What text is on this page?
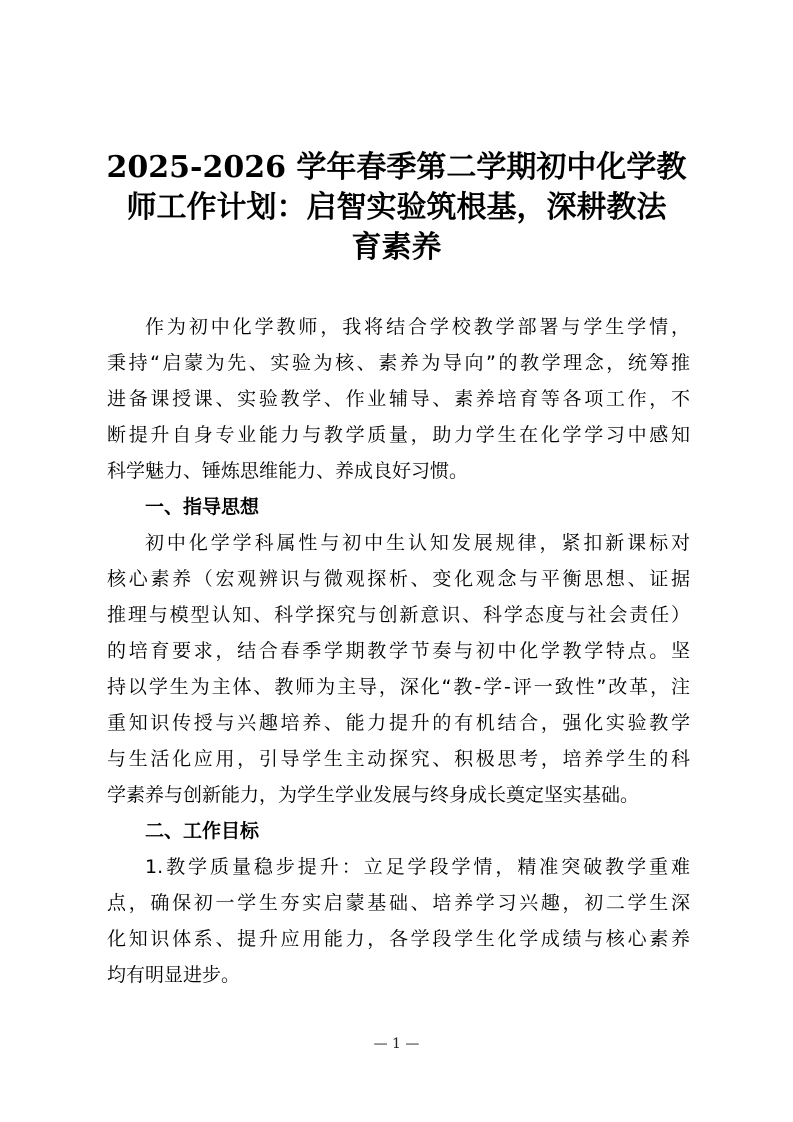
2025-2026 学年春季第二学期初中化学教
师工作计划：启智实验筑根基，深耕教法
育素养
作为初中化学教师，我将结合学校教学部署与学生学情，
秉持“启蒙为先、实验为核、素养为导向”的教学理念，统筹推
进备课授课、实验教学、作业辅导、素养培育等各项工作，不
断提升自身专业能力与教学质量，助力学生在化学学习中感知
科学魅力、锤炼思维能力、养成良好习惯。
一、指导思想
初中化学学科属性与初中生认知发展规律，紧扣新课标对
核心素养（宏观辨识与微观探析、变化观念与平衡思想、证据
推理与模型认知、科学探究与创新意识、科学态度与社会责任）
的培育要求，结合春季学期教学节奏与初中化学教学特点。坚
持以学生为主体、教师为主导，深化“教-学-评一致性”改革，注
重知识传授与兴趣培养、能力提升的有机结合，强化实验教学
与生活化应用，引导学生主动探究、积极思考，培养学生的科
学素养与创新能力，为学生学业发展与终身成长奠定坚实基础。
二、工作目标
1.教学质量稳步提升：立足学段学情，精准突破教学重难
点，确保初一学生夯实启蒙基础、培养学习兴趣，初二学生深
化知识体系、提升应用能力，各学段学生化学成绩与核心素养
均有明显进步。
— 1 —
